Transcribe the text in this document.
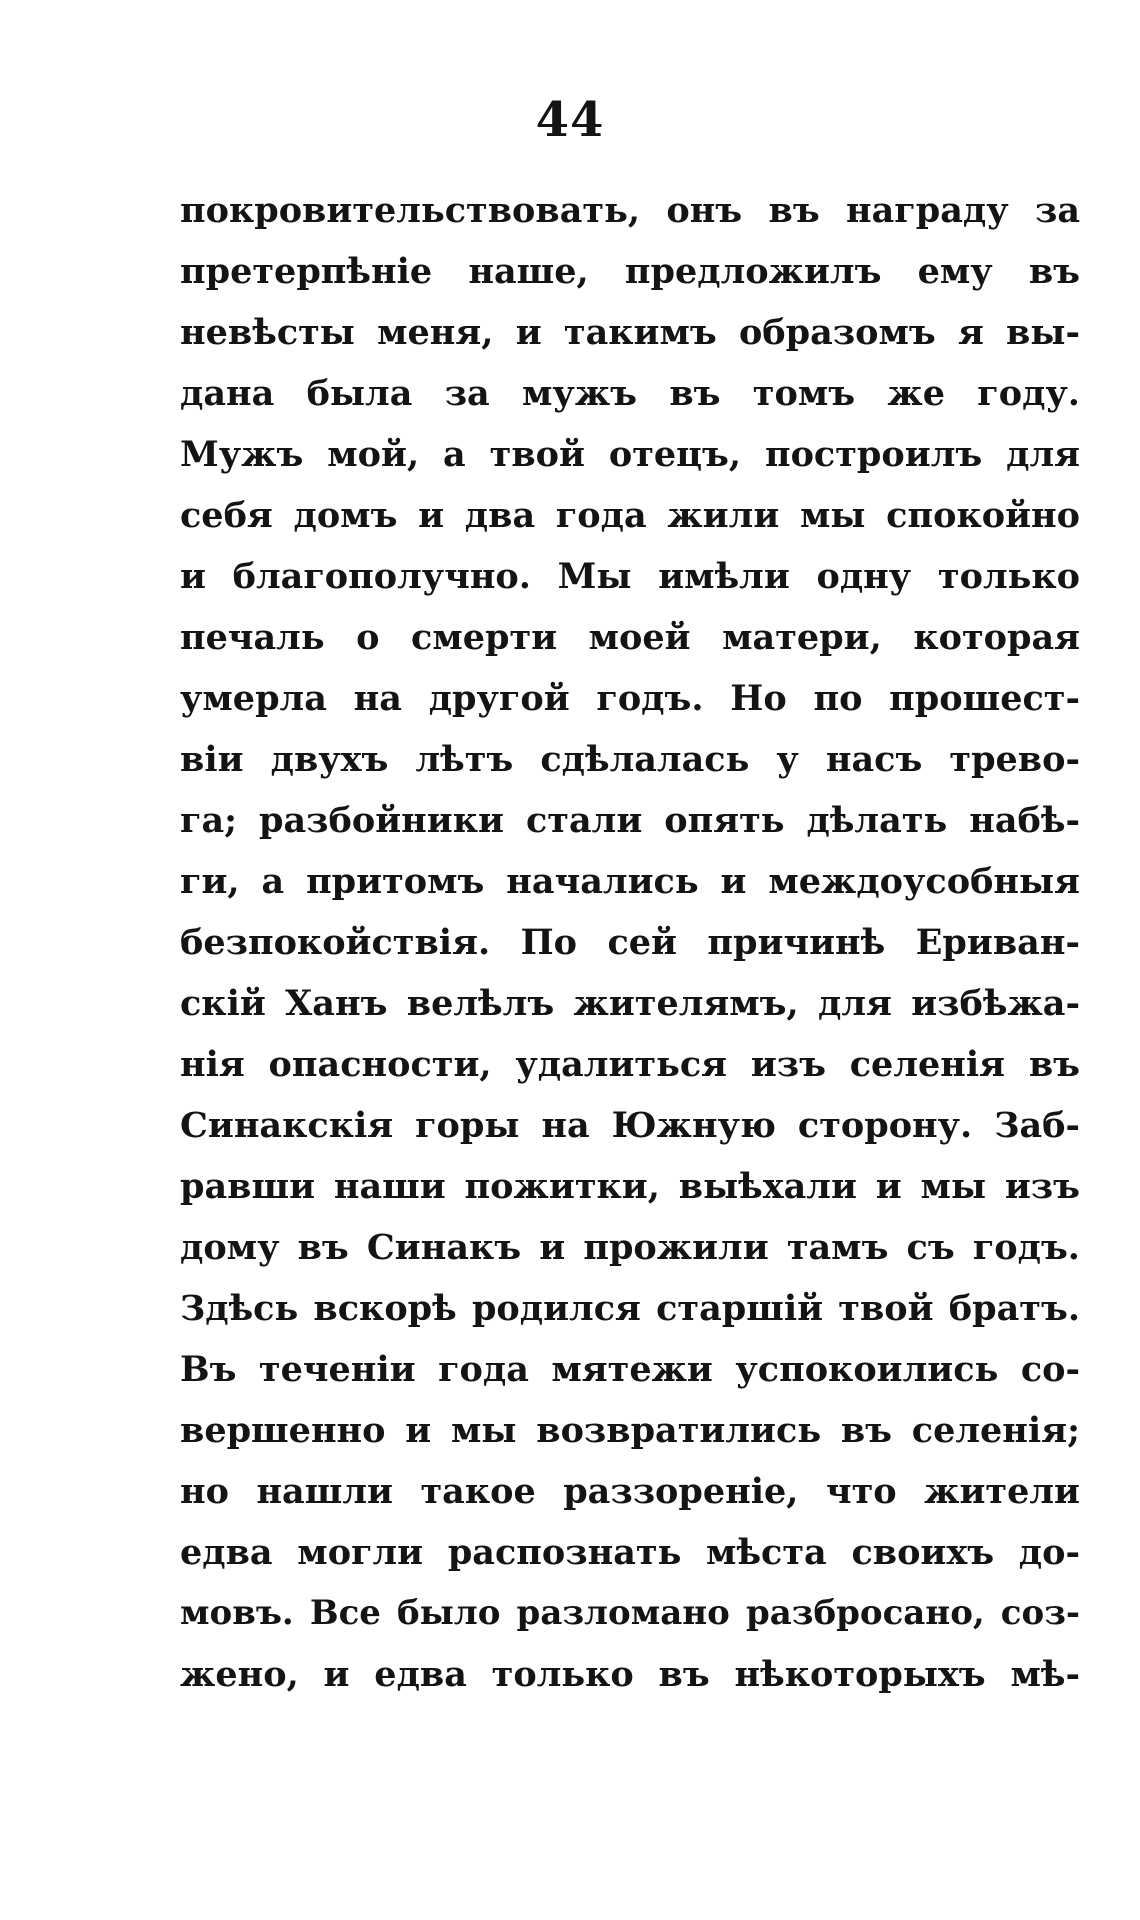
44
покровительствовать, онъ въ награду за
претерпѣніе наше, предложилъ ему въ
невѣсты меня, и такимъ образомъ я вы-
дана была за мужъ въ томъ же году.
Мужъ мой, а твой отецъ, построилъ для
себя домъ и два года жили мы спокойно
и благополучно. Мы имѣли одну только
печаль о смерти моей матери, которая
умерла на другой годъ. Но по прошест-
віи двухъ лѣтъ сдѣлалась у насъ трево-
га; разбойники стали опять дѣлать набѣ-
ги, а притомъ начались и междоусобныя
безпокойствія. По сей причинѣ Ериван-
скій Ханъ велѣлъ жителямъ, для избѣжа-
нія опасности, удалиться изъ селенія въ
Синакскія горы на Южную сторону. Заб-
равши наши пожитки, выѣхали и мы изъ
дому въ Синакъ и прожили тамъ съ годъ.
Здѣсь вскорѣ родился старшій твой братъ.
Въ теченіи года мятежи успокоились со-
вершенно и мы возвратились въ селенія;
но нашли такое раззореніе, что жители
едва могли распознать мѣста своихъ до-
мовъ. Все было разломано разбросано, соз-
жено, и едва только въ нѣкоторыхъ мѣ-
